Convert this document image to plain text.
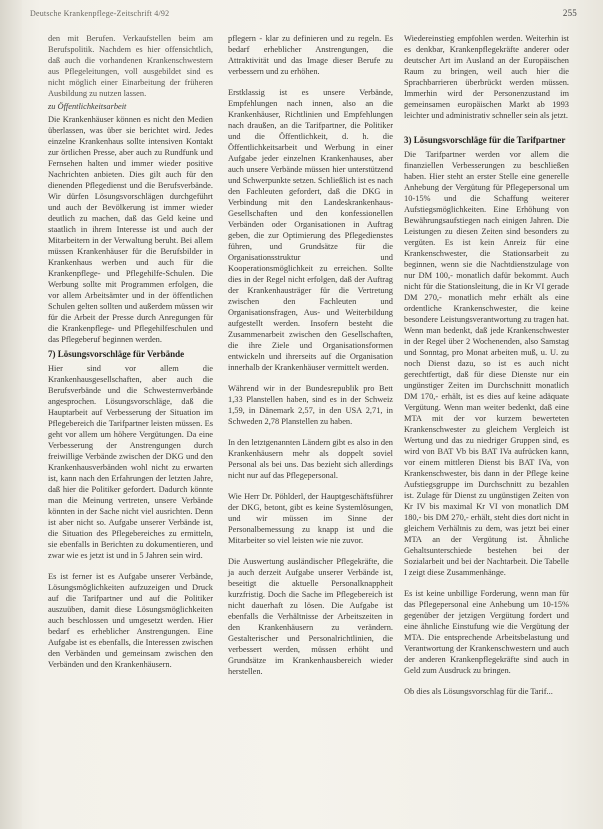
Deutsche Krankenpflege-Zeitschrift 4/92	255

den mit Berufen. Verkaufstellen beim am Berufspolitik. Nachdem es hier offensichtlich, daß auch die vorhandenen Krankenschwestern aus Pflegeleitungen, voll ausgebildet sind es nicht möglich einer Einarbeitung der früheren Ausbildung zu nutzen lassen.

zu Öffentlichkeitsarbeit

Die Krankenhäuser können es nicht den Medien überlassen, was über sie berichtet wird. Jedes einzelne Krankenhaus sollte intensiven Kontakt zur örtlichen Presse, aber auch zu Rundfunk und Fernsehen halten und immer wieder positive Nachrichten anbieten. Dies gilt auch für den dienenden Pflegedienst und die Berufsverbände. Wir dürfen Lösungsvorschlägen durchgeführt und auch der Bevölkerung ist immer wieder deutlich zu machen, daß das Geld keine und staatlich in ihrem Interesse ist und auch der Mitarbeitern in der Verwaltung beruht. Bei allem müssen Krankenhäuser für die Berufsbilder in Krankenhaus werben und auch für die Krankenpflege- und Pflegehilfe-Schulen. Die Werbung sollte mit Programmen erfolgen, die vor allem Arbeitsämter und in der öffentlichen Schulen gelten sollten und außerdem müssen wir für die Arbeit der Presse durch Anregungen für die Krankenpflege- und Pflegehilfeschulen und das Pflegeberuf beginnen werden.

7) Lösungsvorschläge für Verbände

Hier sind vor allem die Krankenhausgesellschaften, aber auch die Berufsverbände und die Schwesternverbände angesprochen. Lösungsvorschläge, daß die Hauptarbeit auf Verbesserung der Situation im Pflegebereich die Tarifpartner leisten müssen. Es geht vor allem um höhere Vergütungen. Da eine Verbesserung der Anstrengungen durch freiwillige Verbände zwischen der DKG und den Krankenhausverbänden wohl nicht zu erwarten ist, kann nach den Erfahrungen der letzten Jahre, daß hier die Politiker gefordert. Dadurch könnte man die Meinung vertreten, unsere Verbände könnten in der Sache nicht viel ausrichten. Denn ist aber nicht so. Aufgabe unserer Verbände ist, die Situation des Pflegebereiches zu ermitteln, sie ebenfalls in Berichten zu dokumentieren, und zwar wie es jetzt ist und in 5 Jahren sein wird.

Es ist ferner ist es Aufgabe unserer Verbände, Lösungsmöglichkeiten aufzuzeigen und Druck auf die Tarifpartner und auf die Politiker auszuüben, damit diese Lösungsmöglichkeiten auch beschlossen und umgesetzt werden. Hier bedarf es erheblicher Anstrengungen. Eine Aufgabe ist es ebenfalls, die Interessen zwischen den Verbänden und gemeinsam zwischen den Verbänden und den Krankenhäusern.

pflegern - klar zu definieren und zu regeln. Es bedarf erheblicher Anstrengungen, die Attraktivität und das Image dieser Berufe zu verbessern und zu erhöhen.

Erstklassig ist es unsere Verbände, Empfehlungen nach innen, also an die Krankenhäuser, Richtlinien und Empfehlungen nach draußen, an die Tarifpartner, die Politiker und die Öffentlichkeit, d. h. die Öffentlichkeitsarbeit und Werbung in einer Aufgabe jeder einzelnen Krankenhauses, aber auch unsere Verbände müssen hier unterstützend und Schwerpunkte setzen. Schließlich ist es nach den Fachleuten gefordert, daß die DKG in Verbindung mit den Landeskrankenhaus-Gesellschaften und den konfessionellen Verbänden oder Organisationen in Auftrag geben, die zur Optimierung des Pflegedienstes führen, und Grundsätze für die Organisationsstruktur und Kooperationsmöglichkeit zu erreichen. Sollte dies in der Regel nicht erfolgen, daß der Auftrag der Krankenhausträger für die Vertretung zwischen den Fachleuten und Organisationsfragen, Aus- und Weiterbildung aufgestellt werden. Insofern besteht die Zusammenarbeit zwischen den Gesellschaften, die ihre Ziele und Organisationsformen entwickeln und ihrerseits auf die Organisation innerhalb der Krankenhäuser vermittelt werden.

Während wir in der Bundesrepublik pro Bett 1,33 Planstellen haben, sind es in der Schweiz 1,59, in Dänemark 2,57, in den USA 2,71, in Schweden 2,78 Planstellen zu haben.

In den letztgenannten Ländern gibt es also in den Krankenhäusern mehr als doppelt soviel Personal als bei uns. Das bezieht sich allerdings nicht nur auf das Pflegepersonal.

Wie Herr Dr. Pöhlderl, der Hauptgeschäftsführer der DKG, betont, gibt es keine Systemlösungen, und wir müssen im Sinne der Personalbemessung zu knapp ist und die Mitarbeiter so viel leisten wie nie zuvor.

Die Auswertung ausländischer Pflegekräfte, die ja auch derzeit Aufgabe unserer Verbände ist, beseitigt die aktuelle Personalknappheit kurzfristig. Doch die Sache im Pflegebereich ist nicht dauerhaft zu lösen. Die Aufgabe ist ebenfalls die Verhältnisse der Arbeitszeiten in den Krankenhäusern zu verändern. Gestalterischer und Personalrichtlinien, die verbessert werden, müssen erhöht und Grundsätze im Krankenhausbereich wieder herstellen.

Wiedereinstieg empfohlen werden. Weiterhin ist es denkbar, Krankenpflegekräfte anderer oder deutscher Art im Ausland an der Europäischen Raum zu bringen, weil auch hier die Sprachbarrieren überbrückt werden müssen. Immerhin wird der Personenzustand im gemeinsamen europäischen Markt ab 1993 leichter und administrativ schneller sein als jetzt.

3) Lösungsvorschläge für die Tarifpartner

Die Tarifpartner werden vor allem die finanziellen Verbesserungen zu beschließen haben. Hier steht an erster Stelle eine generelle Anhebung der Vergütung für Pflegepersonal um 10-15% und die Schaffung weiterer Aufstiegsmöglichkeiten. Eine Erhöhung von Bewährungsaufstiegen nach einigen Jahren. Die Leistungen zu diesen Zeiten sind besonders zu vergüten. Es ist kein Anreiz für eine Krankenschwester, die Stationsarbeit zu beginnen, wenn sie die Nachtdienstzulage von nur DM 100,- monatlich dafür bekommt. Auch nicht für die Stationsleitung, die in Kr VI gerade DM 270,- monatlich mehr erhält als eine ordentliche Krankenschwester, die keine besondere Leistungsverantwortung zu tragen hat. Wenn man bedenkt, daß jede Krankenschwester in der Regel über 2 Wochenenden, also Samstag und Sonntag, pro Monat arbeiten muß, u. U. zu noch Dienst dazu, so ist es auch nicht gerechtfertigt, daß für diese Dienste nur ein ungünstiger Zeiten im Durchschnitt monatlich DM 170,- erhält, ist es dies auf keine adäquate Vergütung. Wenn man weiter bedenkt, daß eine MTA mit der vor kurzem bewerteten Krankenschwester zu gleichem Vergleich ist Wertung und das zu niedriger Gruppen sind, es wird von BAT Vb bis BAT IVa aufrücken kann, vor einem mittleren Dienst bis BAT IVa, von Krankenschwester, bis dann in der Pflege keine Aufstiegsgruppe im Durchschnitt zu bezahlen ist. Zulage für Dienst zu ungünstigen Zeiten von Kr IV bis maximal Kr VI von monatlich DM 180,- bis DM 270,- erhält, steht dies dort nicht in gleichem Verhältnis zu dem, was jetzt bei einer MTA an der Vergütung ist. Ähnliche Gehaltsunterschiede bestehen bei der Sozialarbeit und bei der Nachtarbeit. Die Tabelle I zeigt diese Zusammenhänge.

Es ist keine unbillige Forderung, wenn man für das Pflegepersonal eine Anhebung um 10-15% gegenüber der jetzigen Vergütung fordert und eine ähnliche Einstufung wie die Vergütung der MTA. Die entsprechende Arbeitsbelastung und Verantwortung der Krankenschwestern und auch der anderen Krankenpflegekräfte sind auch in Geld zum Ausdruck zu bringen.

Ob dies als Lösungsvorschlag für die Tarif...
